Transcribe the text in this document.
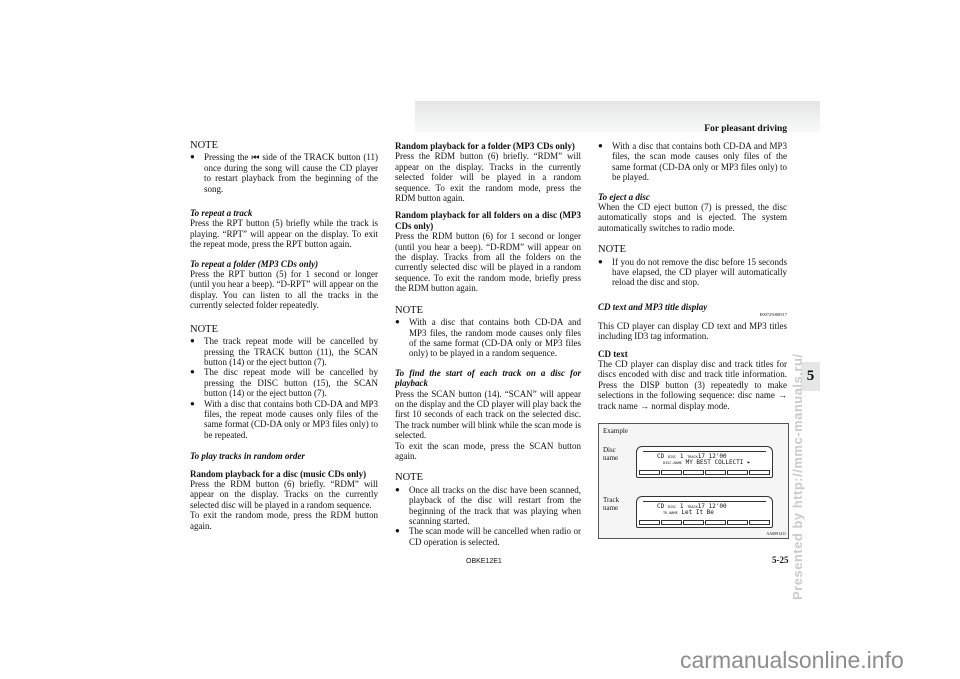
For pleasant driving
NOTE
● Pressing the ⏮ side of the TRACK button (11) once during the song will cause the CD player to restart playback from the beginning of the song.
To repeat a track

Press the RPT button (5) briefly while the track is playing. “RPT” will appear on the display. To exit the repeat mode, press the RPT button again.

To repeat a folder (MP3 CDs only)

Press the RPT button (5) for 1 second or longer (until you hear a beep). “D-RPT” will appear on the display. You can listen to all the tracks in the currently selected folder repeatedly.

NOTE
● The track repeat mode will be cancelled by pressing the TRACK button (11), the SCAN button (14) or the eject button (7).
● The disc repeat mode will be cancelled by pressing the DISC button (15), the SCAN button (14) or the eject button (7).
● With a disc that contains both CD-DA and MP3 files, the repeat mode causes only files of the same format (CD-DA only or MP3 files only) to be repeated.
To play tracks in random order
Random playback for a disc (music CDs only)

Press the RDM button (6) briefly. “RDM” will appear on the display. Tracks on the currently selected disc will be played in a random sequence.

To exit the random mode, press the RDM button again.

Random playback for a folder (MP3 CDs only)

Press the RDM button (6) briefly. “RDM” will appear on the display. Tracks in the currently selected folder will be played in a random sequence. To exit the random mode, press the RDM button again.

Random playback for all folders on a disc (MP3 CDs only)

Press the RDM button (6) for 1 second or longer (until you hear a beep). “D-RDM” will appear on the display. Tracks from all the folders on the currently selected disc will be played in a random sequence. To exit the random mode, briefly press the RDM button again.

NOTE
● With a disc that contains both CD-DA and MP3 files, the random mode causes only files of the same format (CD-DA only or MP3 files only) to be played in a random sequence.
To find the start of each track on a disc for playback

Press the SCAN button (14). “SCAN” will appear on the display and the CD player will play back the first 10 seconds of each track on the selected disc. The track number will blink while the scan mode is selected.

To exit the scan mode, press the SCAN button again.

NOTE
● Once all tracks on the disc have been scanned, playback of the disc will restart from the beginning of the track that was playing when scanning started.
● The scan mode will be cancelled when radio or CD operation is selected.
● With a disc that contains both CD-DA and MP3 files, the scan mode causes only files of the same format (CD-DA only or MP3 files only) to be played.
To eject a disc

When the CD eject button (7) is pressed, the disc automatically stops and is ejected. The system automatically switches to radio mode.

NOTE
● If you do not remove the disc before 15 seconds have elapsed, the CD player will automatically reload the disc and stop.
CD text and MP3 title display
E00725000517

This CD player can display CD text and MP3 titles including ID3 tag information.

CD text

The CD player can display disc and track titles for discs encoded with disc and track title information. Press the DISP button (3) repeatedly to make selections in the following sequence: disc name → track name → normal display mode.

Example
Disc
name
Track
name
CD DISC 1 TRACK17 12'00
DISC.NAME MY BEST COLLECTI ▸
CD DISC 1 TRACK17 12'00
TR.NAME Let It Be
AA0091411
5
Presented by http://mmc-manuals.ru/
OBKE12E1	5-25
carmanualsonline.info
